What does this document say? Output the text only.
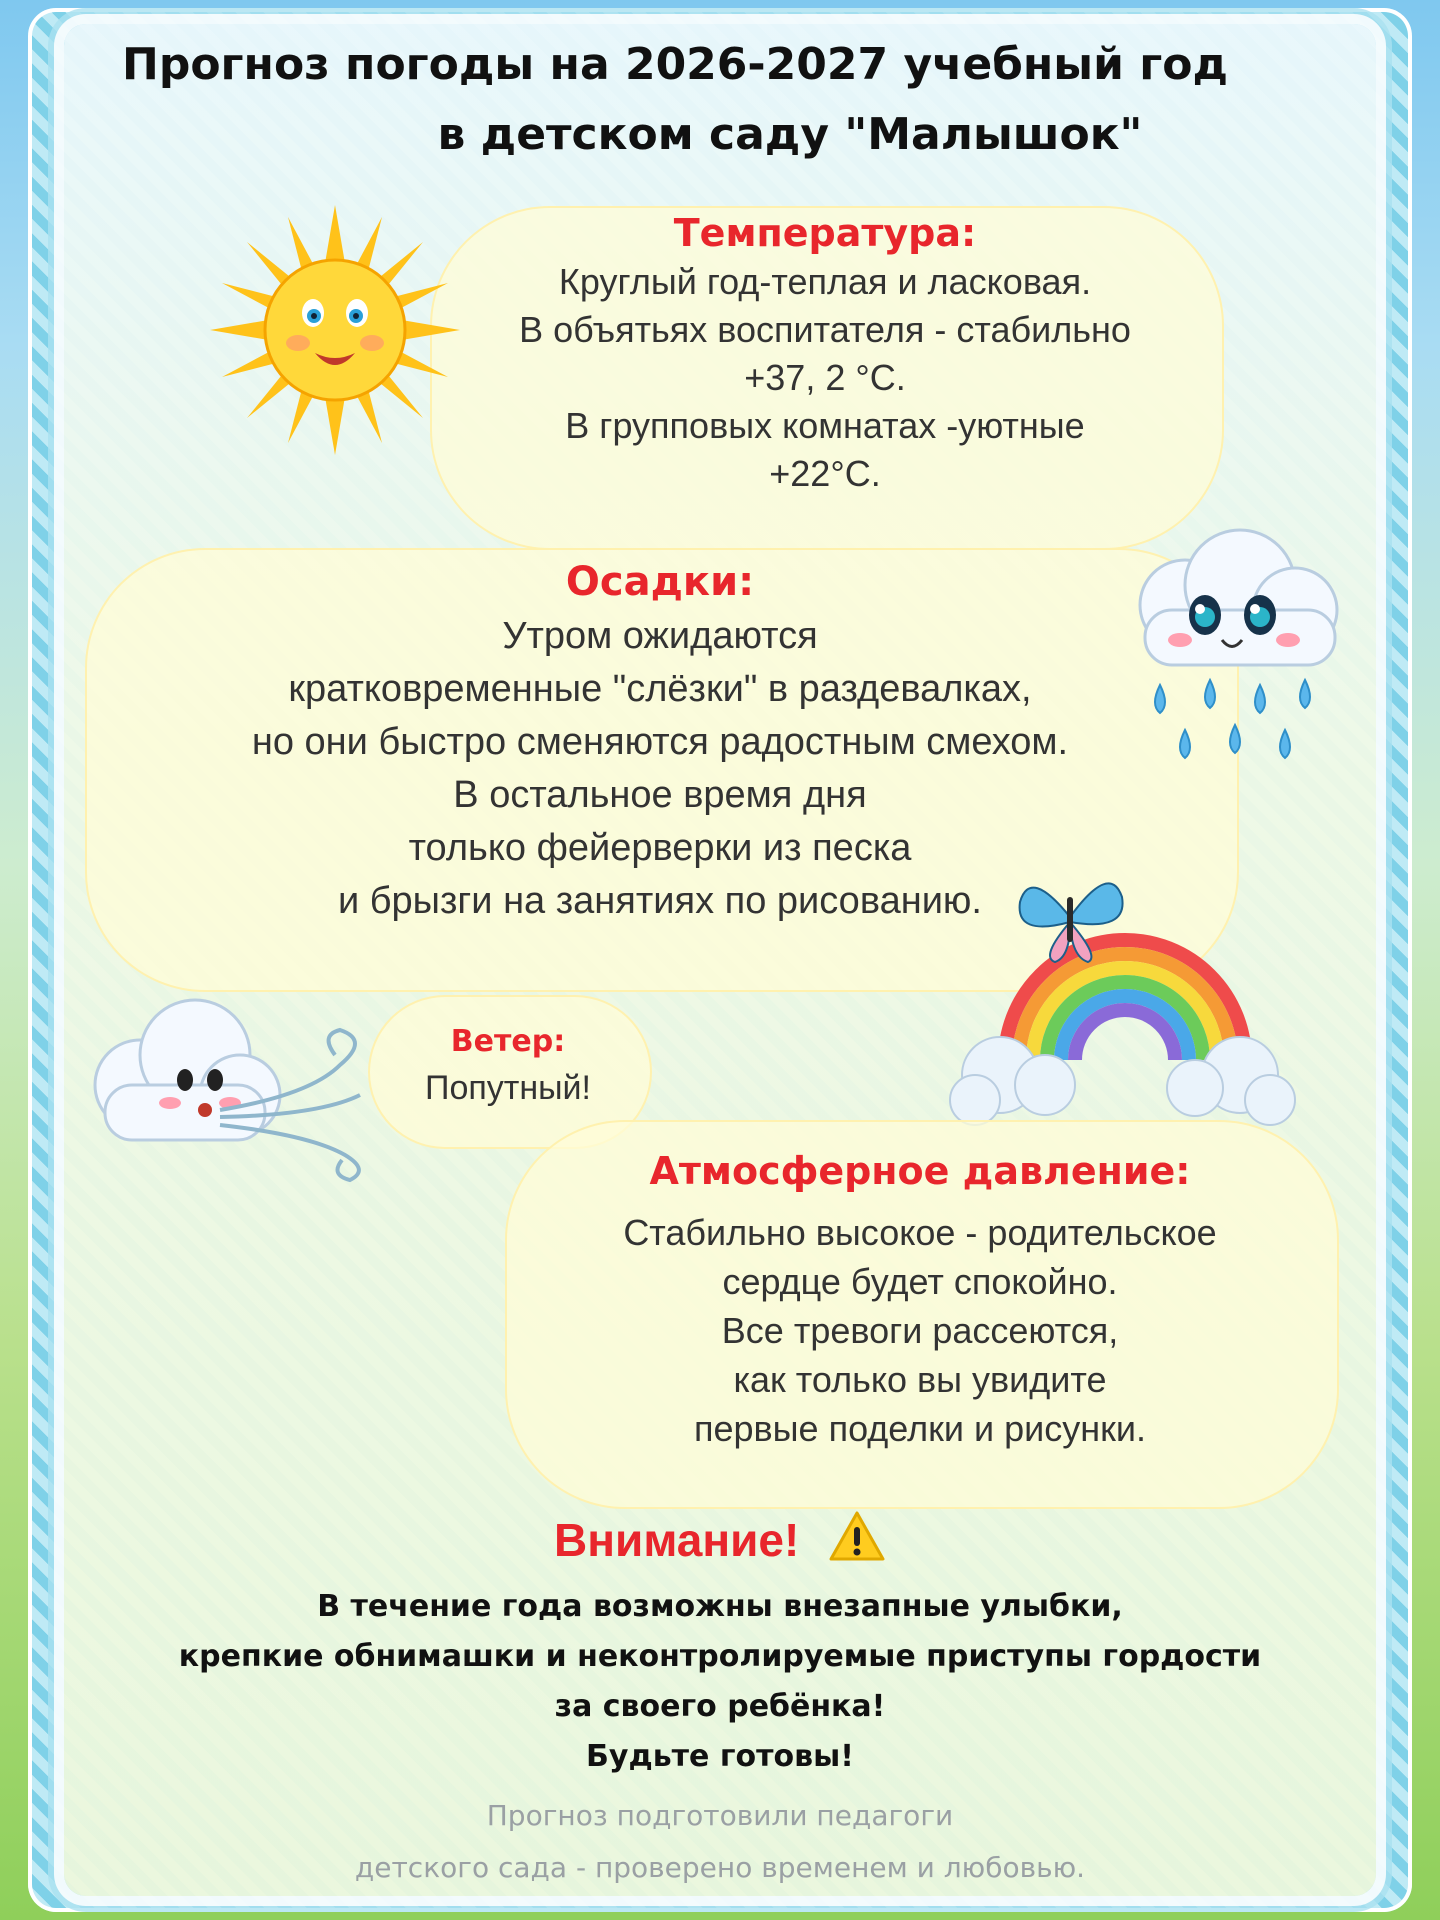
Прогноз погоды на 2026-2027 учебный год
в детском саду "Малышок"
Температура:
Круглый год-теплая и ласковая.
В объятьях воспитателя - стабильно
+37, 2 °С.
В групповых комнатах -уютные
+22°С.
Осадки:
Утром ожидаются
кратковременные "слёзки" в раздевалках,
но они быстро сменяются радостным смехом.
В остальное время дня
только фейерверки из песка
и брызги на занятиях по рисованию.
Ветер:
Попутный!
Атмосферное давление:
Стабильно высокое - родительское
сердце будет спокойно.
Все тревоги рассеются,
как только вы увидите
первые поделки и рисунки.
Внимание!
В течение года возможны внезапные улыбки,
крепкие обнимашки и неконтролируемые приступы гордости
за своего ребёнка!
Будьте готовы!
Прогноз подготовили педагоги
детского сада - проверено временем и любовью.
